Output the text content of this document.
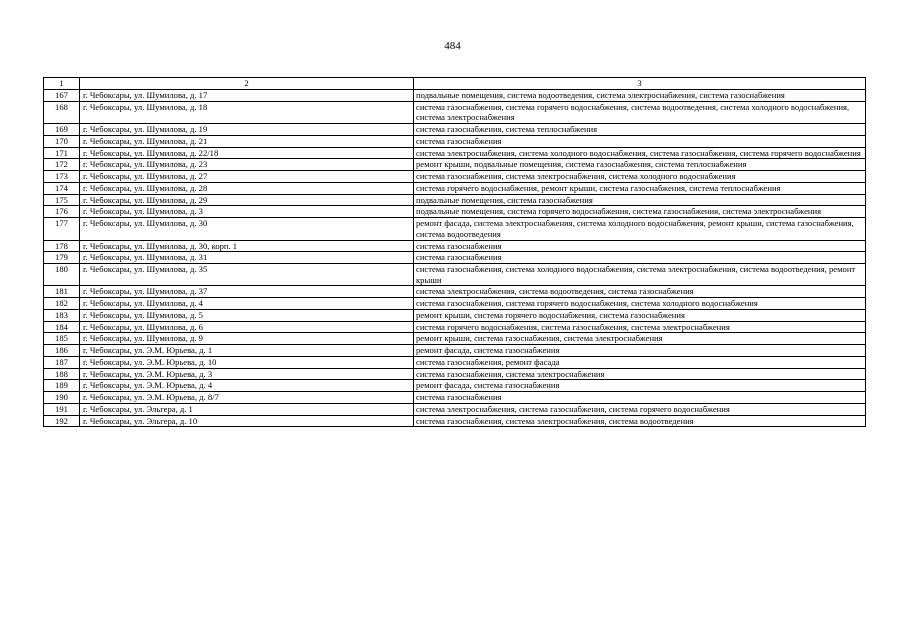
484
1	2	3
167	г. Чебоксары, ул. Шумилова, д. 17	подвальные помещения, система водоотведения, система электроснабжения, система газоснабжения
168	г. Чебоксары, ул. Шумилова, д. 18	система газоснабжения, система горячего водоснабжения, система водоотведения, система холодного водоснабжения, система электроснабжения
169	г. Чебоксары, ул. Шумилова, д. 19	система газоснабжения, система теплоснабжения
170	г. Чебоксары, ул. Шумилова, д. 21	система газоснабжения
171	г. Чебоксары, ул. Шумилова, д. 22/18	система электроснабжения, система холодного водоснабжения, система газоснабжения, система горячего водоснабжения
172	г. Чебоксары, ул. Шумилова, д. 23	ремонт крыши, подвальные помещения, система газоснабжения, система теплоснабжения
173	г. Чебоксары, ул. Шумилова, д. 27	система газоснабжения, система электроснабжения, система холодного водоснабжения
174	г. Чебоксары, ул. Шумилова, д. 28	система горячего водоснабжения, ремонт крыши, система газоснабжения, система теплоснабжения
175	г. Чебоксары, ул. Шумилова, д. 29	подвальные помещения, система газоснабжения
176	г. Чебоксары, ул. Шумилова, д. 3	подвальные помещения, система горячего водоснабжения, система газоснабжения, система электроснабжения
177	г. Чебоксары, ул. Шумилова, д. 30	ремонт фасада, система электроснабжения, система холодного водоснабжения, ремонт крыши, система газоснабжения, система водоотведения
178	г. Чебоксары, ул. Шумилова, д. 30, корп. 1	система газоснабжения
179	г. Чебоксары, ул. Шумилова, д. 31	система газоснабжения
180	г. Чебоксары, ул. Шумилова, д. 35	система газоснабжения, система холодного водоснабжения, система электроснабжения, система водоотведения, ремонт крыши
181	г. Чебоксары, ул. Шумилова, д. 37	система электроснабжения, система водоотведения, система газоснабжения
182	г. Чебоксары, ул. Шумилова, д. 4	система газоснабжения, система горячего водоснабжения, система холодного водоснабжения
183	г. Чебоксары, ул. Шумилова, д. 5	ремонт крыши, система горячего водоснабжения, система газоснабжения
184	г. Чебоксары, ул. Шумилова, д. 6	система горячего водоснабжения, система газоснабжения, система электроснабжения
185	г. Чебоксары, ул. Шумилова, д. 9	ремонт крыши, система газоснабжения, система электроснабжения
186	г. Чебоксары, ул. Э.М. Юрьева, д. 1	ремонт фасада, система газоснабжения
187	г. Чебоксары, ул. Э.М. Юрьева, д. 10	система газоснабжения, ремонт фасада
188	г. Чебоксары, ул. Э.М. Юрьева, д. 3	система газоснабжения, система электроснабжения
189	г. Чебоксары, ул. Э.М. Юрьева, д. 4	ремонт фасада, система газоснабжения
190	г. Чебоксары, ул. Э.М. Юрьева, д. 8/7	система газоснабжения
191	г. Чебоксары, ул. Эльгера, д. 1	система электроснабжения, система газоснабжения, система горячего водоснабжения
192	г. Чебоксары, ул. Эльгера, д. 10	система газоснабжения, система электроснабжения, система водоотведения
